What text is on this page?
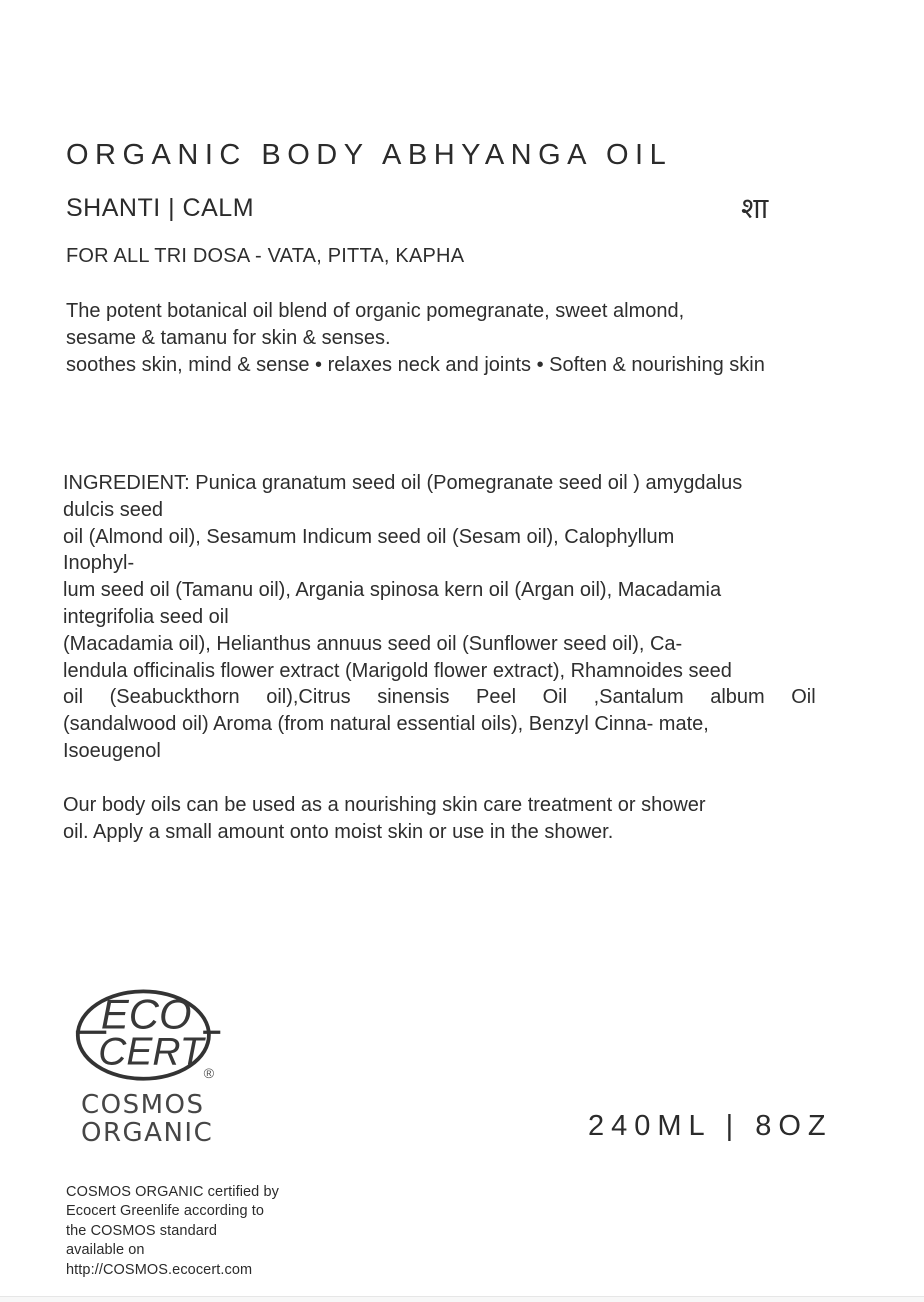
ORGANIC BODY ABHYANGA OIL
SHANTI | CALM	शा
FOR ALL TRI DOSA - VATA, PITTA, KAPHA
The potent botanical oil blend of organic pomegranate, sweet almond,
sesame & tamanu for skin & senses.
soothes skin, mind & sense • relaxes neck and joints • Soften & nourishing skin
INGREDIENT: Punica granatum seed oil (Pomegranate seed oil ) amygdalus
dulcis seed
oil (Almond oil), Sesamum Indicum seed oil (Sesam oil), Calophyllum
Inophyl-
lum seed oil (Tamanu oil), Argania spinosa kern oil (Argan oil), Macadamia
integrifolia seed oil
(Macadamia oil), Helianthus annuus seed oil (Sunflower seed oil), Ca-
lendula officinalis flower extract (Marigold flower extract), Rhamnoides seed
oil (Seabuckthorn oil),Citrus sinensis Peel Oil ,Santalum album Oil
(sandalwood oil) Aroma (from natural essential oils), Benzyl Cinna- mate,
Isoeugenol
Our body oils can be used as a nourishing skin care treatment or shower
oil. Apply a small amount onto moist skin or use in the shower.
ECO
CERT
®
COSMOS
ORGANIC	240ML | 8OZ
COSMOS ORGANIC certified by
Ecocert Greenlife according to
the COSMOS standard
available on
http://COSMOS.ecocert.com
